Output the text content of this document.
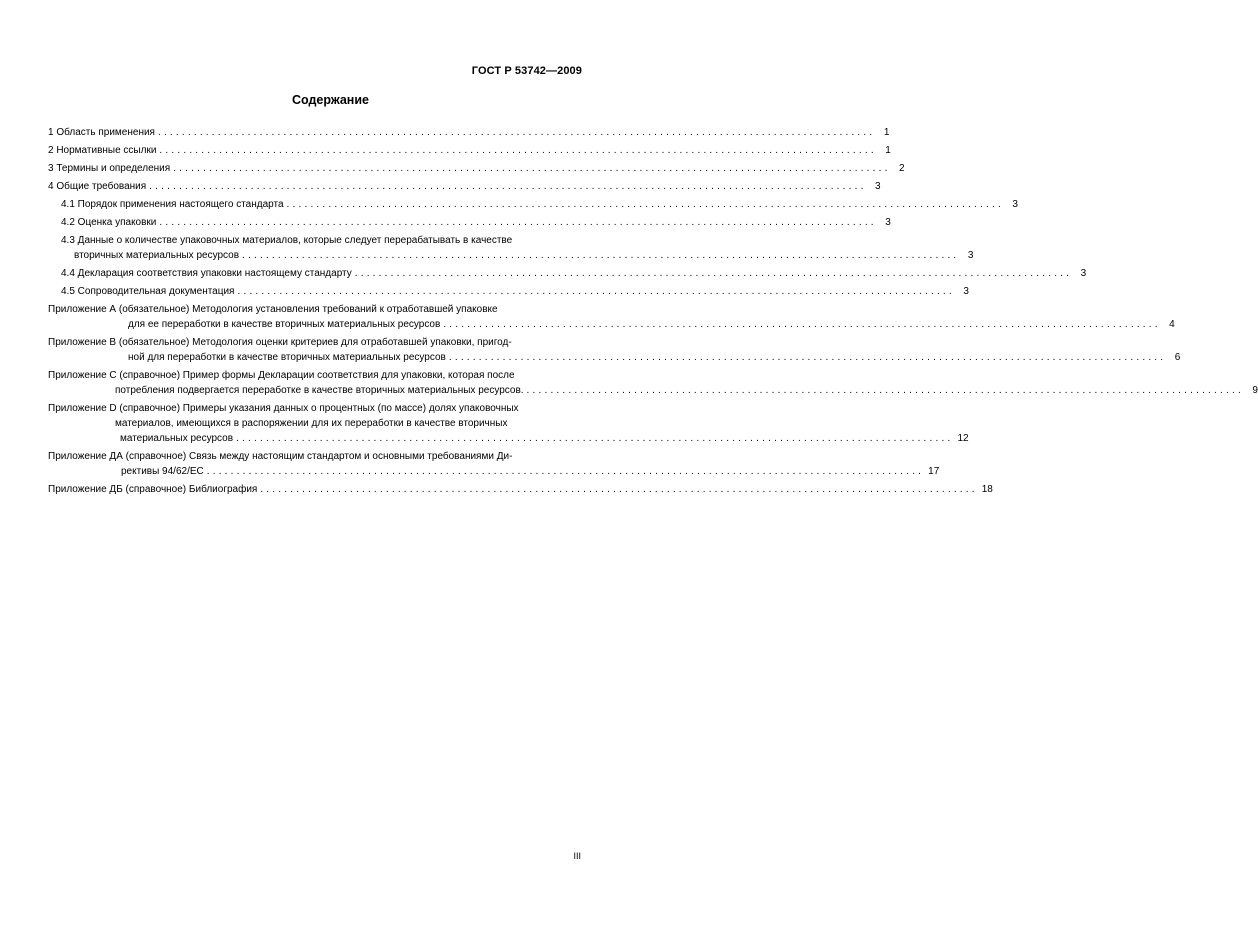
ГОСТ Р 53742—2009
Содержание
1 Область применения ........................................................................................................................ 1
2 Нормативные ссылки ........................................................................................................................ 1
3 Термины и определения ........................................................................................................................ 2
4 Общие требования ........................................................................................................................ 3
4.1 Порядок применения настоящего стандарта ........................................................................................................................ 3
4.2 Оценка упаковки ........................................................................................................................ 3
4.3 Данные о количестве упаковочных материалов, которые следует перерабатывать в качестве
вторичных материальных ресурсов ........................................................................................................................ 3
4.4 Декларация соответствия упаковки настоящему стандарту ........................................................................................................................ 3
4.5 Сопроводительная документация ........................................................................................................................ 3
Приложение А (обязательное) Методология установления требований к отработавшей упаковке
для ее переработки в качестве вторичных материальных ресурсов ........................................................................................................................ 4
Приложение В (обязательное) Методология оценки критериев для отработавшей упаковки, пригод-
ной для переработки в качестве вторичных материальных ресурсов ........................................................................................................................ 6
Приложение С (справочное) Пример формы Декларации соответствия для упаковки, которая после
потребления подвергается переработке в качестве вторичных материальных ресурсов. ........................................................................................................................ 9
Приложение D (справочное) Примеры указания данных о процентных (по массе) долях упаковочных
материалов, имеющихся в распоряжении для их переработки в качестве вторичных
материальных ресурсов ........................................................................................................................ 12
Приложение ДА (справочное) Связь между настоящим стандартом и основными требованиями Ди-
рективы 94/62/ЕС ........................................................................................................................ 17
Приложение ДБ (справочное) Библиография ........................................................................................................................ 18
III
